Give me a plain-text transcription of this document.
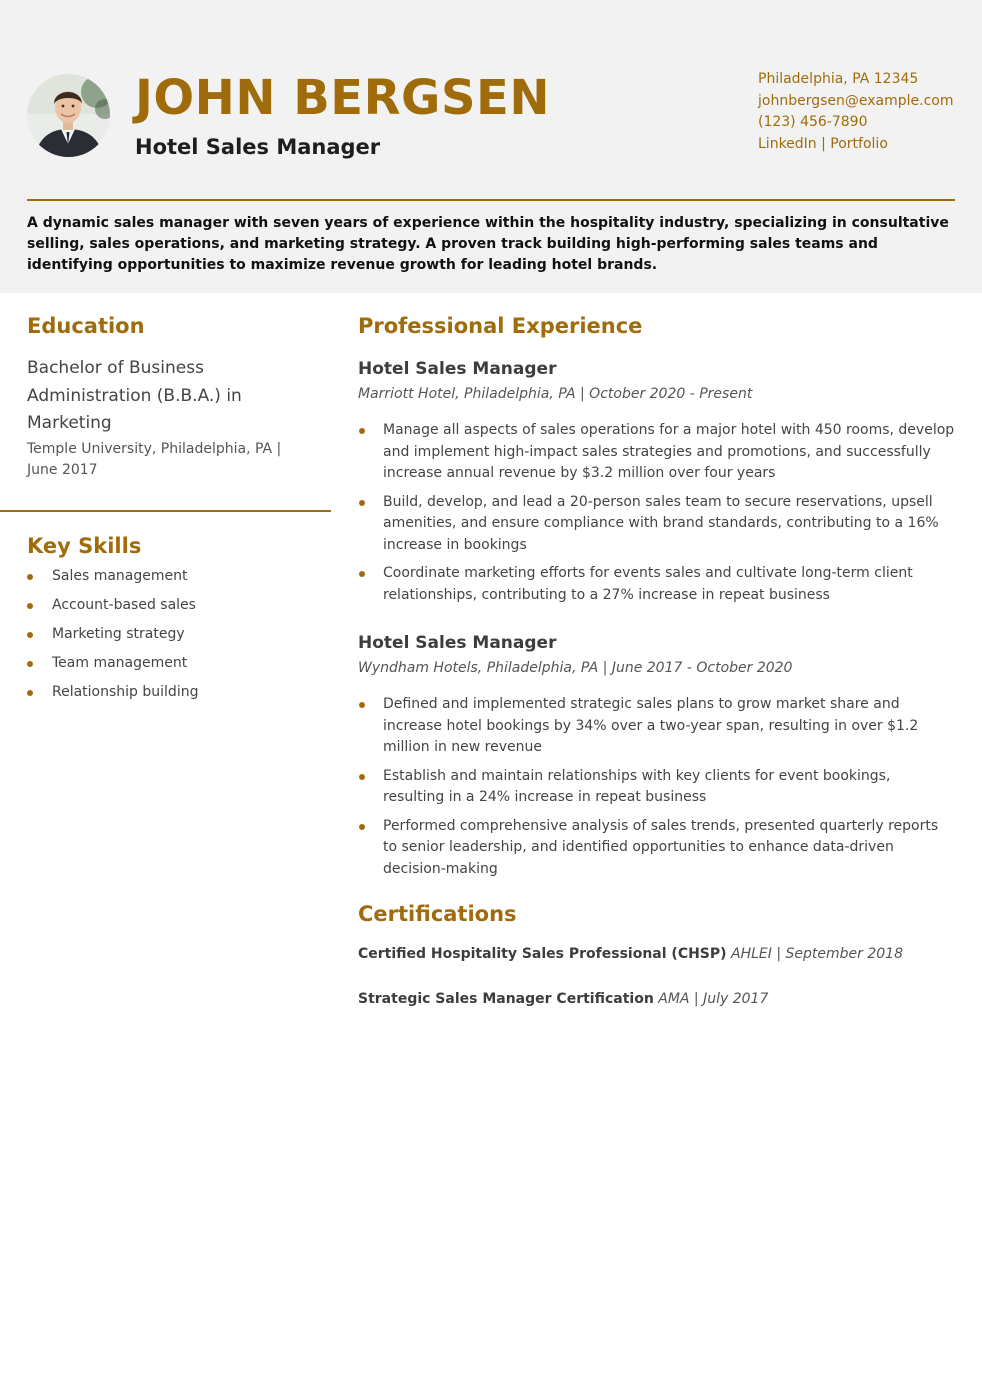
JOHN BERGSEN
Hotel Sales Manager
Philadelphia, PA 12345
johnbergsen@example.com
(123) 456-7890
LinkedIn | Portfolio
A dynamic sales manager with seven years of experience within the hospitality industry, specializing in consultative selling, sales operations, and marketing strategy. A proven track building high-performing sales teams and identifying opportunities to maximize revenue growth for leading hotel brands.
Education
Bachelor of Business Administration (B.B.A.) in Marketing
Temple University, Philadelphia, PA | June 2017
Key Skills
Sales management
Account-based sales
Marketing strategy
Team management
Relationship building
Professional Experience
Hotel Sales Manager
Marriott Hotel, Philadelphia, PA | October 2020 - Present
Manage all aspects of sales operations for a major hotel with 450 rooms, develop and implement high-impact sales strategies and promotions, and successfully increase annual revenue by $3.2 million over four years
Build, develop, and lead a 20-person sales team to secure reservations, upsell amenities, and ensure compliance with brand standards, contributing to a 16% increase in bookings
Coordinate marketing efforts for events sales and cultivate long-term client relationships, contributing to a 27% increase in repeat business
Hotel Sales Manager
Wyndham Hotels, Philadelphia, PA | June 2017 - October 2020
Defined and implemented strategic sales plans to grow market share and increase hotel bookings by 34% over a two-year span, resulting in over $1.2 million in new revenue
Establish and maintain relationships with key clients for event bookings, resulting in a 24% increase in repeat business
Performed comprehensive analysis of sales trends, presented quarterly reports to senior leadership, and identified opportunities to enhance data-driven decision-making
Certifications
Certified Hospitality Sales Professional (CHSP) AHLEI | September 2018
Strategic Sales Manager Certification AMA | July 2017
